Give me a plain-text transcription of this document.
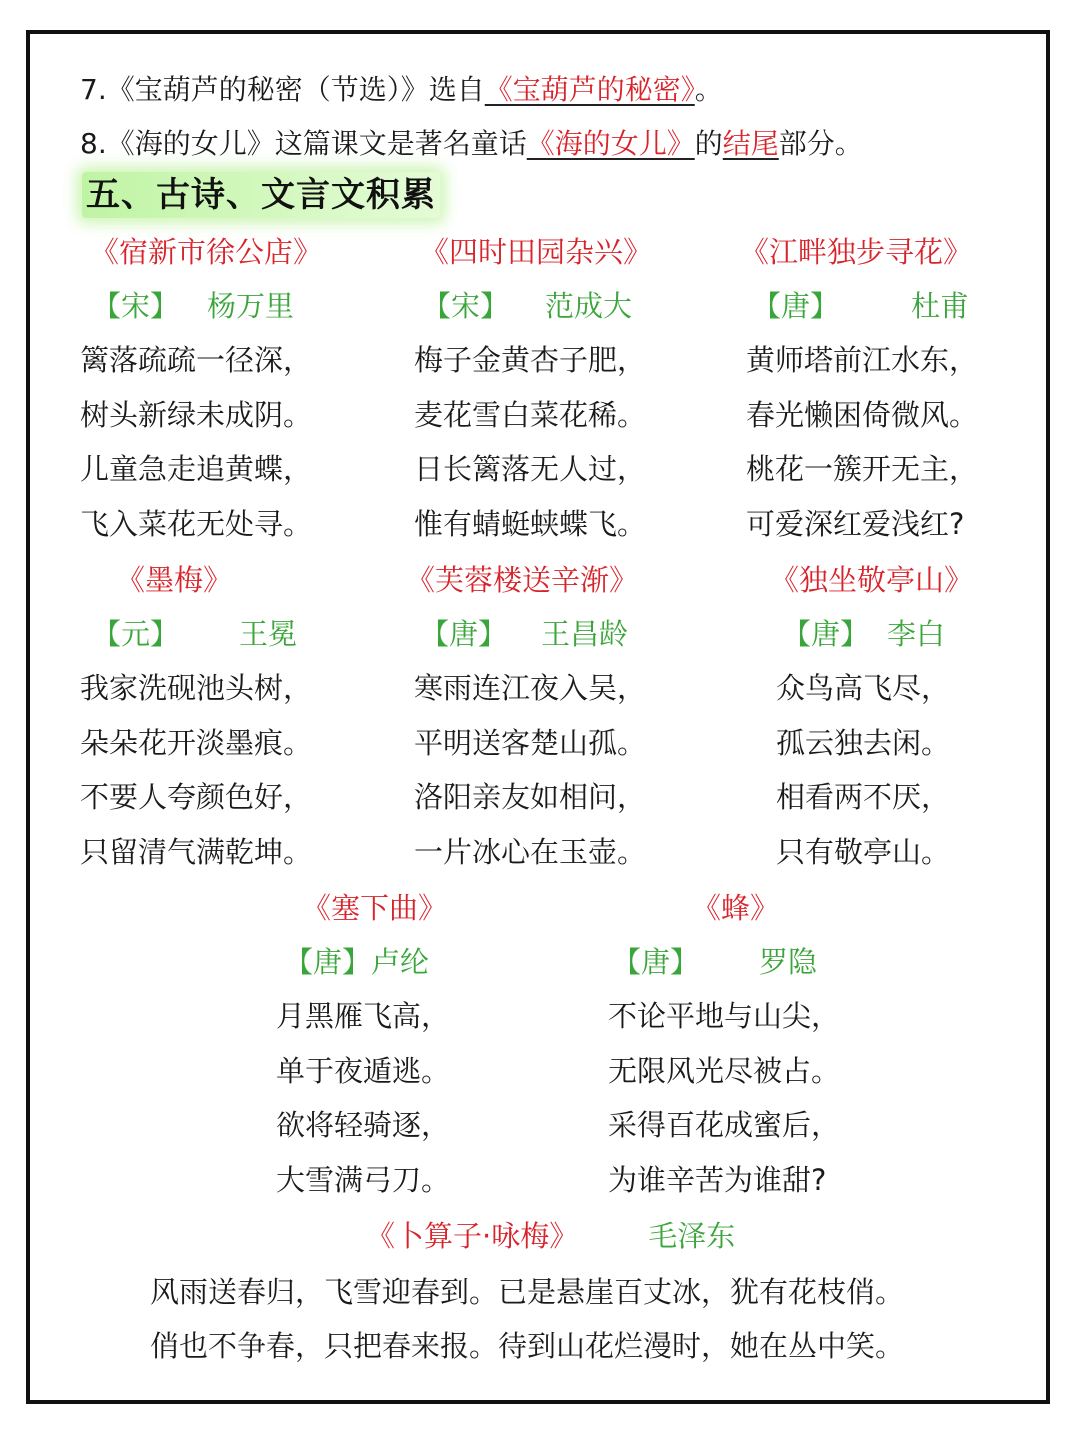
7.《宝葫芦的秘密（节选）》选自《宝葫芦的秘密》。
8.《海的女儿》这篇课文是著名童话《海的女儿》的结尾部分。
五、古诗、文言文积累
《宿新市徐公店》
【宋】 杨万里
篱落疏疏一径深，
树头新绿未成阴。
儿童急走追黄蝶，
飞入菜花无处寻。
《四时田园杂兴》
【宋】 范成大
梅子金黄杏子肥，
麦花雪白菜花稀。
日长篱落无人过，
惟有蜻蜓蛱蝶飞。
《江畔独步寻花》
【唐】 杜甫
黄师塔前江水东，
春光懒困倚微风。
桃花一簇开无主，
可爱深红爱浅红?
《墨梅》
【元】 王冕
我家洗砚池头树，
朵朵花开淡墨痕。
不要人夸颜色好，
只留清气满乾坤。
《芙蓉楼送辛渐》
【唐】 王昌龄
寒雨连江夜入吴，
平明送客楚山孤。
洛阳亲友如相问，
一片冰心在玉壶。
《独坐敬亭山》
【唐】 李白
众鸟高飞尽，
孤云独去闲。
相看两不厌，
只有敬亭山。
《塞下曲》
【唐】卢纶
月黑雁飞高，
单于夜遁逃。
欲将轻骑逐，
大雪满弓刀。
《蜂》
【唐】 罗隐
不论平地与山尖，
无限风光尽被占。
采得百花成蜜后，
为谁辛苦为谁甜?
《卜算子·咏梅》 毛泽东
风雨送春归，飞雪迎春到。已是悬崖百丈冰，犹有花枝俏。
俏也不争春，只把春来报。待到山花烂漫时，她在丛中笑。
